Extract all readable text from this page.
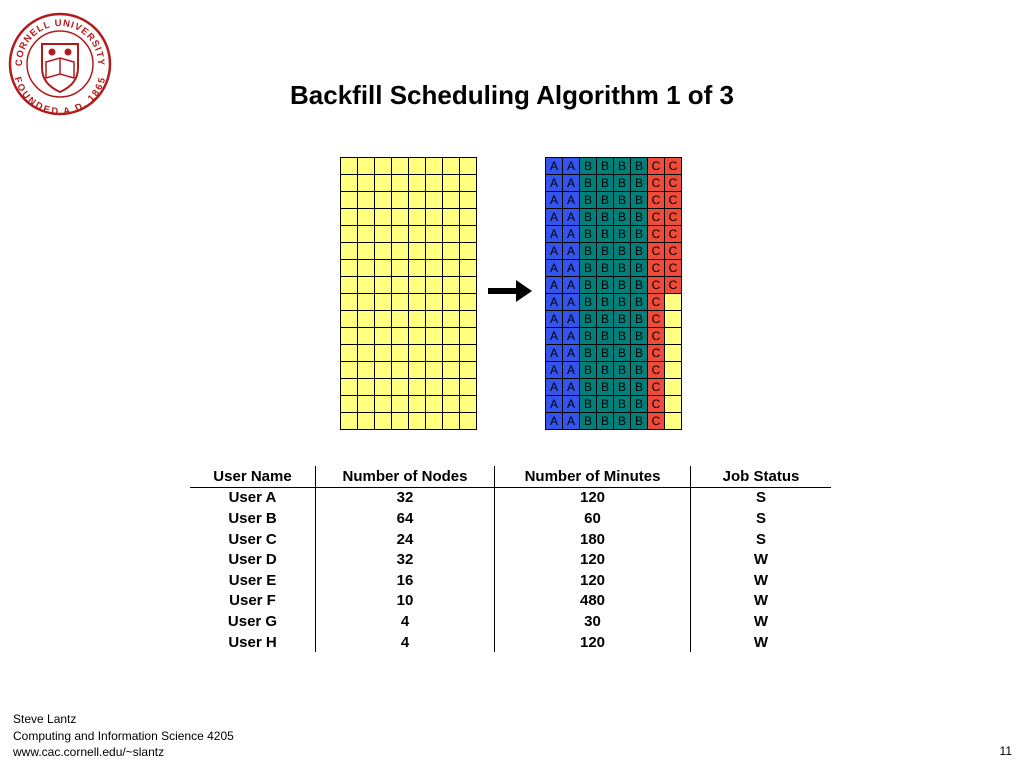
CORNELL UNIVERSITY
FOUNDED A.D. 1865	Backfill Scheduling Algorithm 1 of 3
A A B B B B C C
A A B B B B C C
A A B B B B C C
A A B B B B C C
A A B B B B C C
A A B B B B C C
A A B B B B C C
A A B B B B C C
A A B B B B C
A A B B B B C
A A B B B B C
A A B B B B C
A A B B B B C
A A B B B B C
A A B B B B C
A A B B B B C
User Name	Number of Nodes	Number of Minutes	Job Status
User A	32	120	S
User B	64	60	S
User C	24	180	S
User D	32	120	W
User E	16	120	W
User F	10	480	W
User G	4	30	W
User H	4	120	W
Steve Lantz
Computing and Information Science 4205
www.cac.cornell.edu/~slantz	11
